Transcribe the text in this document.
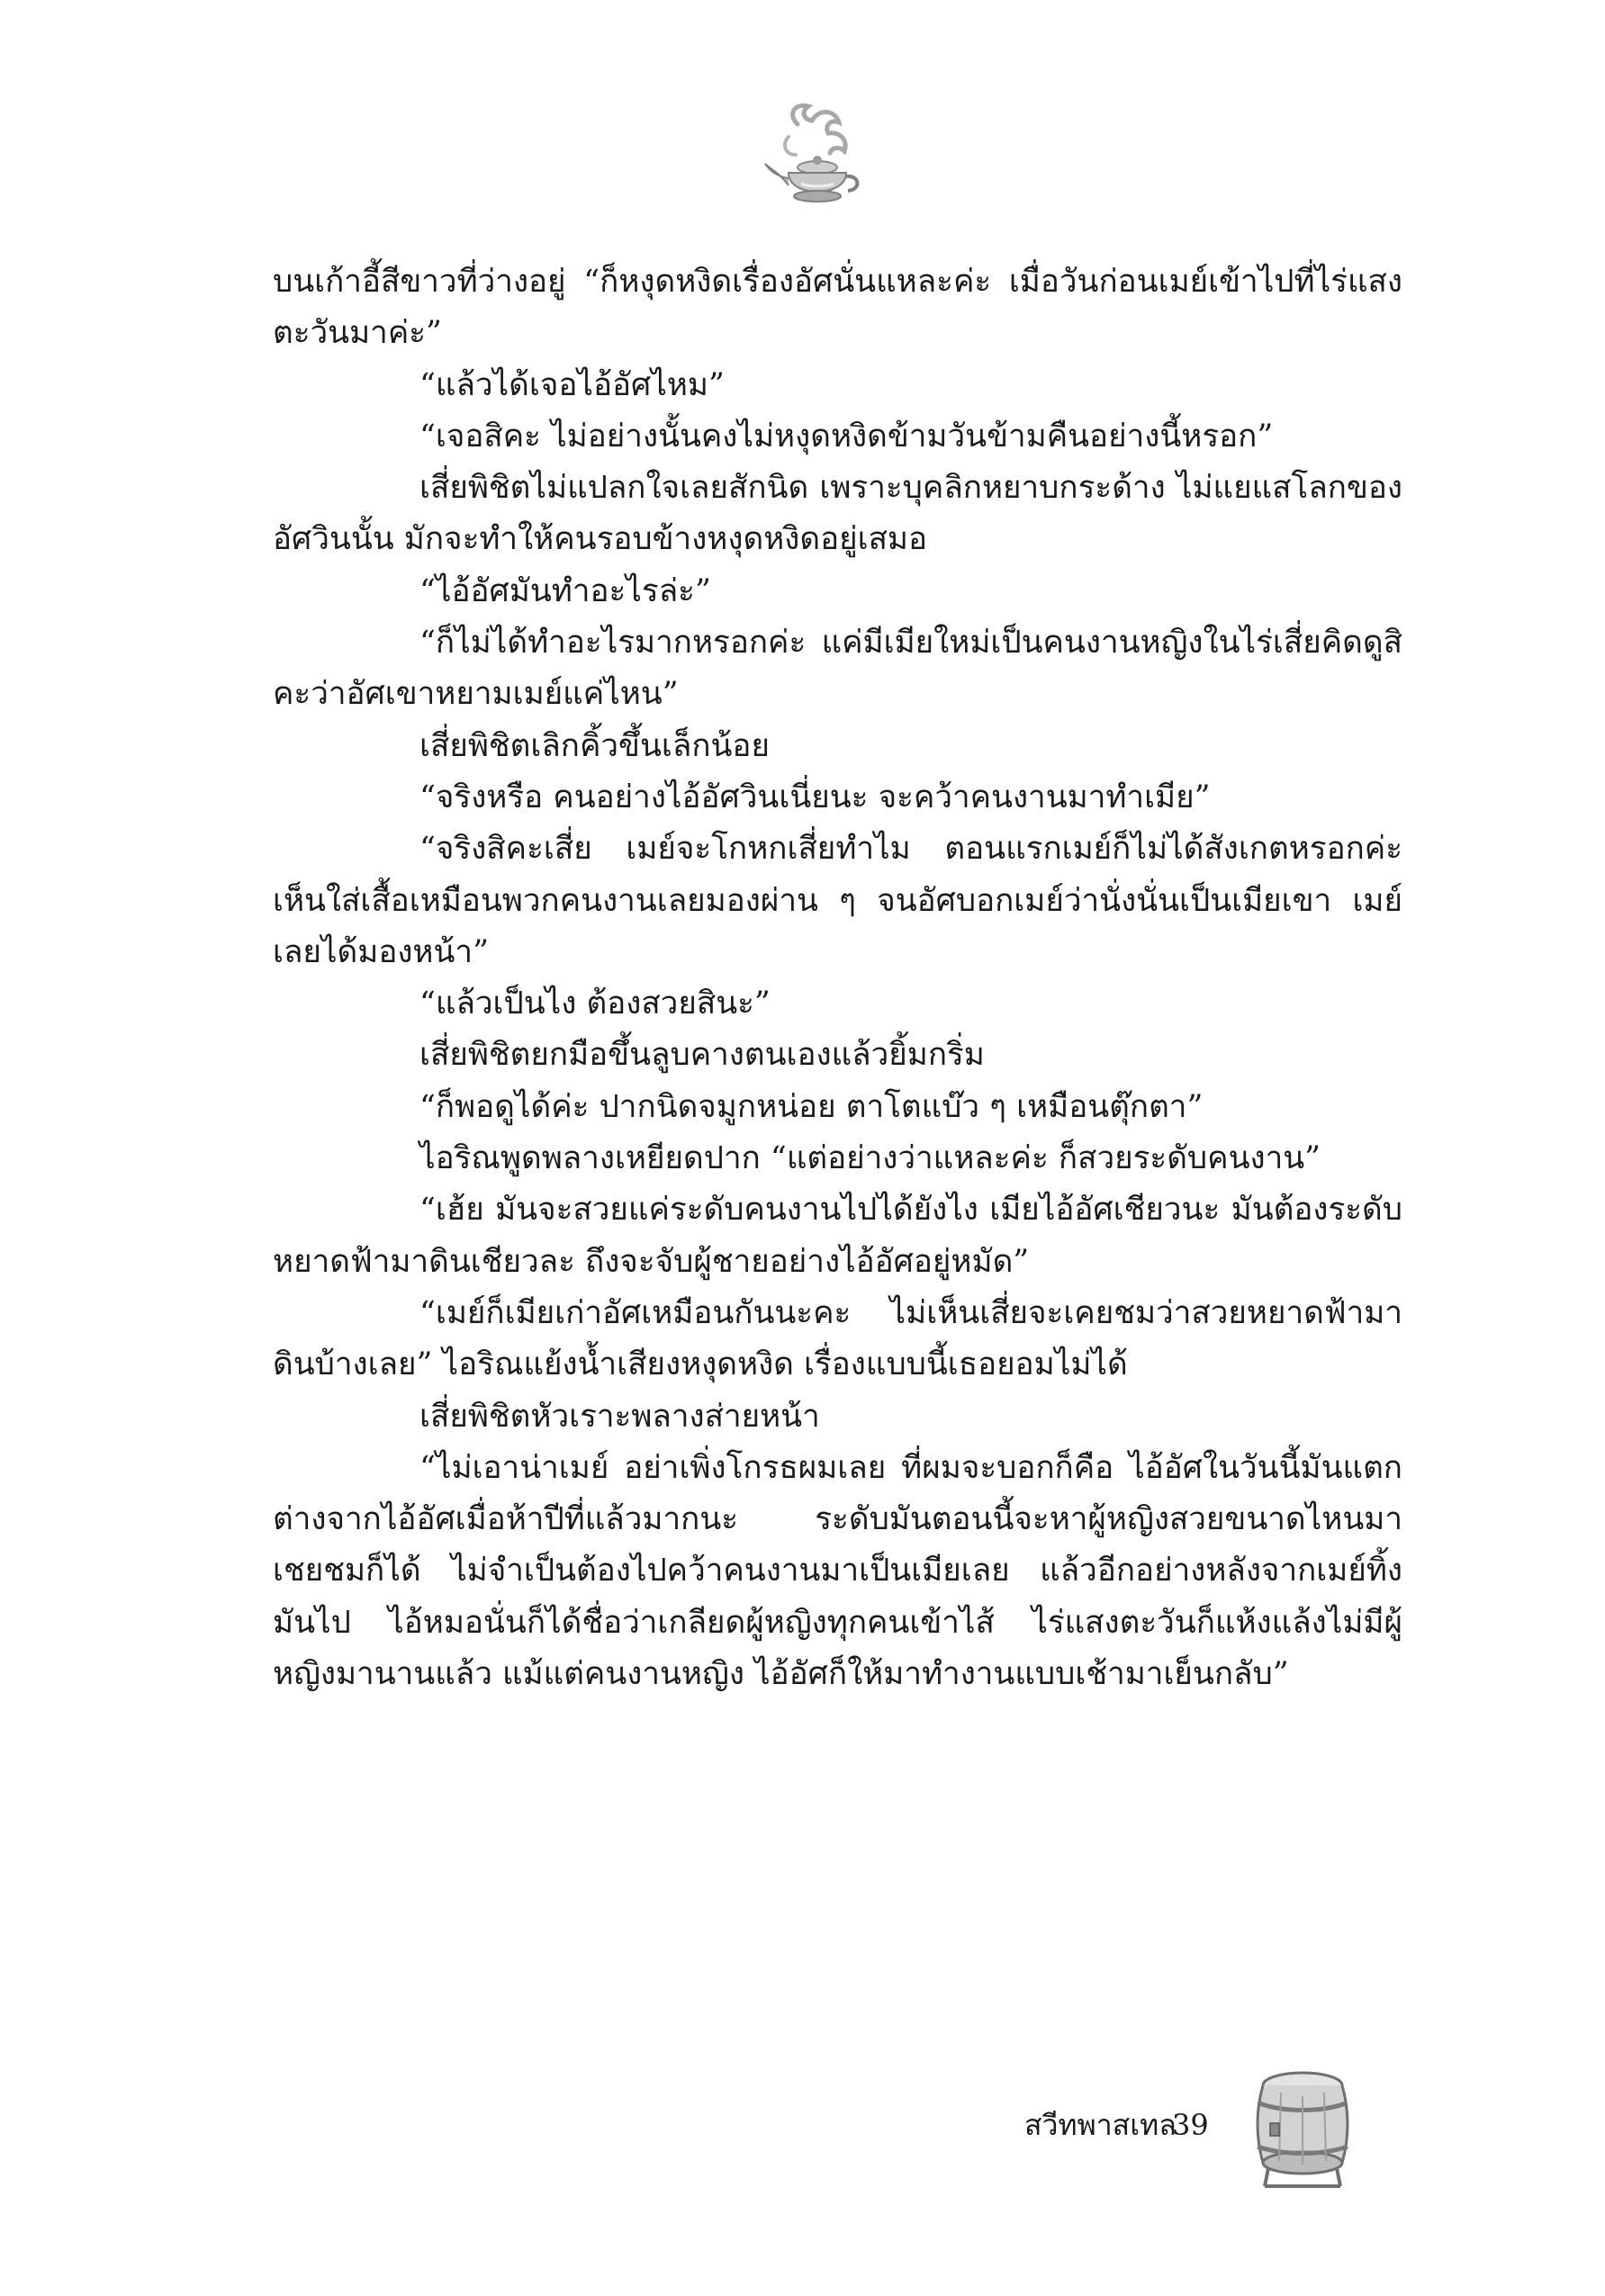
บนเก้าอี้สีขาวที่ว่างอยู่ “ก็หงุดหงิดเรื่องอัศนั่นแหละค่ะ เมื่อวันก่อนเมย์เข้าไปที่ไร่แสงตะวันมาค่ะ”

“แล้วได้เจอไอ้อัศไหม”

“เจอสิคะ ไม่อย่างนั้นคงไม่หงุดหงิดข้ามวันข้ามคืนอย่างนี้หรอก”

เสี่ยพิชิตไม่แปลกใจเลยสักนิด เพราะบุคลิกหยาบกระด้าง ไม่แยแสโลกของอัศวินนั้น มักจะทำให้คนรอบข้างหงุดหงิดอยู่เสมอ

“ไอ้อัศมันทำอะไรล่ะ”

“ก็ไม่ได้ทำอะไรมากหรอกค่ะ แค่มีเมียใหม่เป็นคนงานหญิงในไร่เสี่ยคิดดูสิคะว่าอัศเขาหยามเมย์แค่ไหน”

เสี่ยพิชิตเลิกคิ้วขึ้นเล็กน้อย

“จริงหรือ คนอย่างไอ้อัศวินเนี่ยนะ จะคว้าคนงานมาทำเมีย”

“จริงสิคะเสี่ย เมย์จะโกหกเสี่ยทำไม ตอนแรกเมย์ก็ไม่ได้สังเกตหรอกค่ะ เห็นใส่เสื้อเหมือนพวกคนงานเลยมองผ่าน ๆ จนอัศบอกเมย์ว่านั่งนั่นเป็นเมียเขา เมย์เลยได้มองหน้า”

“แล้วเป็นไง ต้องสวยสินะ”

เสี่ยพิชิตยกมือขึ้นลูบคางตนเองแล้วยิ้มกริ่ม

“ก็พอดูได้ค่ะ ปากนิดจมูกหน่อย ตาโตแบ๊ว ๆ เหมือนตุ๊กตา”

ไอริณพูดพลางเหยียดปาก “แต่อย่างว่าแหละค่ะ ก็สวยระดับคนงาน”

“เฮ้ย มันจะสวยแค่ระดับคนงานไปได้ยังไง เมียไอ้อัศเชียวนะ มันต้องระดับหยาดฟ้ามาดินเชียวละ ถึงจะจับผู้ชายอย่างไอ้อัศอยู่หมัด”

“เมย์ก็เมียเก่าอัศเหมือนกันนะคะ ไม่เห็นเสี่ยจะเคยชมว่าสวยหยาดฟ้ามาดินบ้างเลย” ไอริณแย้งน้ำเสียงหงุดหงิด เรื่องแบบนี้เธอยอมไม่ได้

เสี่ยพิชิตหัวเราะพลางส่ายหน้า

“ไม่เอาน่าเมย์ อย่าเพิ่งโกรธผมเลย ที่ผมจะบอกก็คือ ไอ้อัศในวันนี้มันแตกต่างจากไอ้อัศเมื่อห้าปีที่แล้วมากนะ ระดับมันตอนนี้จะหาผู้หญิงสวยขนาดไหนมาเชยชมก็ได้ ไม่จำเป็นต้องไปคว้าคนงานมาเป็นเมียเลย แล้วอีกอย่างหลังจากเมย์ทิ้งมันไป ไอ้หมอนั่นก็ได้ชื่อว่าเกลียดผู้หญิงทุกคนเข้าไส้ ไร่แสงตะวันก็แห้งแล้งไม่มีผู้หญิงมานานแล้ว แม้แต่คนงานหญิง ไอ้อัศก็ให้มาทำงานแบบเช้ามาเย็นกลับ”

สวีทพาสเทล
39
